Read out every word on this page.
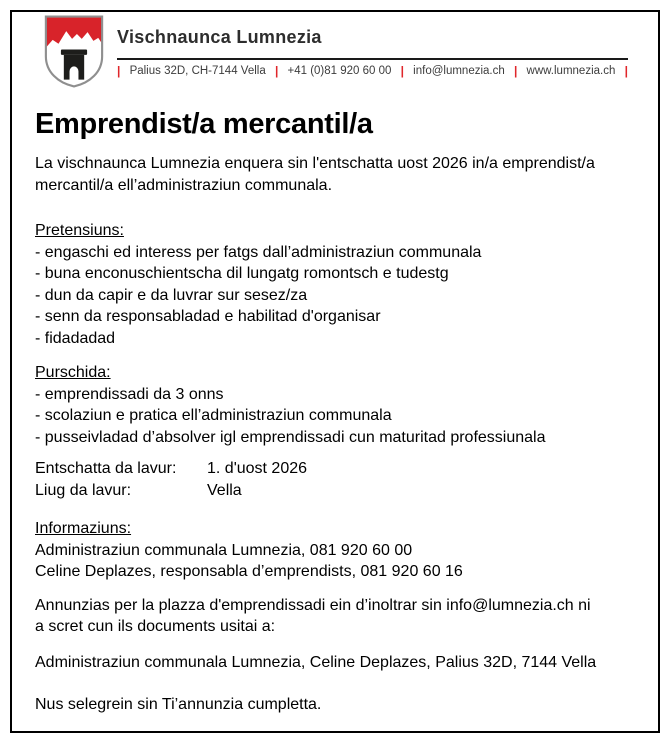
Vischnaunca Lumnezia
| Palius 32D, CH-7144 Vella | +41 (0)81 920 60 00 | info@lumnezia.ch | www.lumnezia.ch |
Emprendist/a mercantil/a
La vischnaunca Lumnezia enquera sin l'entschatta uost 2026 in/a emprendist/a
mercantil/a ell’administraziun communala.
Pretensiuns:
- engaschi ed interess per fatgs dall’administraziun communala
- buna enconuschientscha dil lungatg romontsch e tudestg
- dun da capir e da luvrar sur sesez/za
- senn da responsabladad e habilitad d'organisar
- fidadadad
Purschida:
- emprendissadi da 3 onns
- scolaziun e pratica ell’administraziun communala
- pusseivladad d’absolver igl emprendissadi cun maturitad professiunala
Entschatta da lavur: 1. d'uost 2026
Liug da lavur:	Vella
Informaziuns:
Administraziun communala Lumnezia, 081 920 60 00
Celine Deplazes, responsabla d’emprendists, 081 920 60 16
Annunzias per la plazza d'emprendissadi ein d’inoltrar sin info@lumnezia.ch ni
a scret cun ils documents usitai a:
Administraziun communala Lumnezia, Celine Deplazes, Palius 32D, 7144 Vella
Nus selegrein sin Ti’annunzia cumpletta.
